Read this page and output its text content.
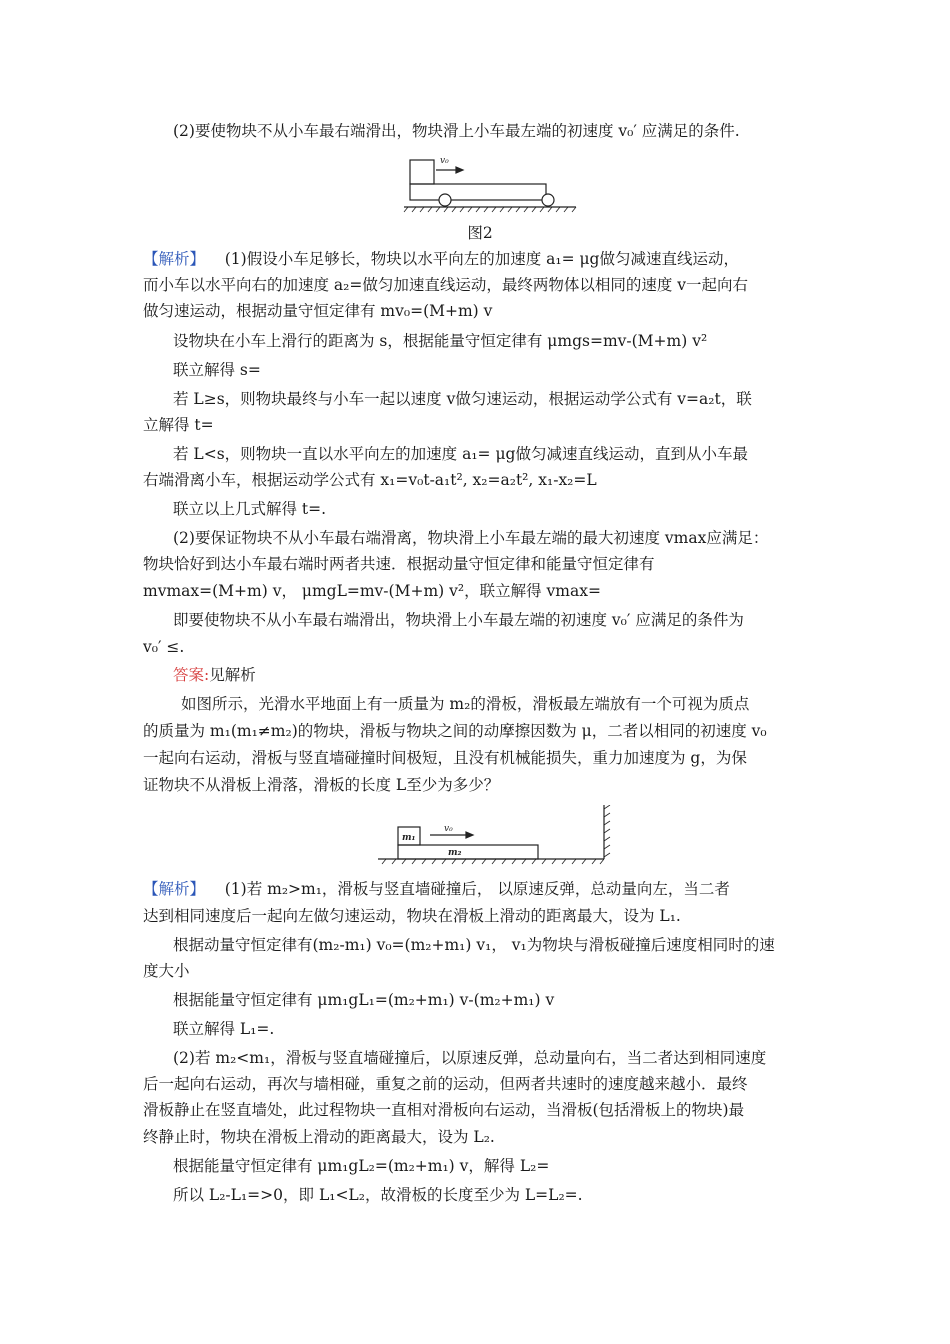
(2)要使物块不从小车最右端滑出，物块滑上小车最左端的初速度 v₀′ 应满足的条件.
v₀
图2
【解析】 (1)假设小车足够长，物块以水平向左的加速度 a₁= μg做匀减速直线运动，
而小车以水平向右的加速度 a₂=做匀加速直线运动，最终两物体以相同的速度 v一起向右
做匀速运动，根据动量守恒定律有 mv₀=(M+m) v
设物块在小车上滑行的距离为 s，根据能量守恒定律有 μmgs=mv-(M+m) v²
联立解得 s=
若 L≥s，则物块最终与小车一起以速度 v做匀速运动，根据运动学公式有 v=a₂t，联
立解得 t=
若 L<s，则物块一直以水平向左的加速度 a₁= μg做匀减速直线运动，直到从小车最
右端滑离小车，根据运动学公式有 x₁=v₀t-a₁t², x₂=a₂t², x₁-x₂=L
联立以上几式解得 t=.
(2)要保证物块不从小车最右端滑离，物块滑上小车最左端的最大初速度 vmax应满足：
物块恰好到达小车最右端时两者共速．根据动量守恒定律和能量守恒定律有
mvmax=(M+m) v， μmgL=mv-(M+m) v²，联立解得 vmax=
即要使物块不从小车最右端滑出，物块滑上小车最左端的初速度 v₀′ 应满足的条件为
v₀′ ≤.
答案:见解析
如图所示，光滑水平地面上有一质量为 m₂的滑板，滑板最左端放有一个可视为质点
的质量为 m₁(m₁≠m₂)的物块，滑板与物块之间的动摩擦因数为 μ，二者以相同的初速度 v₀
一起向右运动，滑板与竖直墙碰撞时间极短，且没有机械能损失，重力加速度为 g，为保
证物块不从滑板上滑落，滑板的长度 L至少为多少？
m₁
m₂
v₀
【解析】 (1)若 m₂>m₁，滑板与竖直墙碰撞后， 以原速反弹，总动量向左，当二者
达到相同速度后一起向左做匀速运动，物块在滑板上滑动的距离最大，设为 L₁.
根据动量守恒定律有(m₂-m₁) v₀=(m₂+m₁) v₁， v₁为物块与滑板碰撞后速度相同时的速
度大小
根据能量守恒定律有 μm₁gL₁=(m₂+m₁) v-(m₂+m₁) v
联立解得 L₁=.
(2)若 m₂<m₁，滑板与竖直墙碰撞后，以原速反弹，总动量向右，当二者达到相同速度
后一起向右运动，再次与墙相碰，重复之前的运动，但两者共速时的速度越来越小．最终
滑板静止在竖直墙处，此过程物块一直相对滑板向右运动，当滑板(包括滑板上的物块)最
终静止时，物块在滑板上滑动的距离最大，设为 L₂.
根据能量守恒定律有 μm₁gL₂=(m₂+m₁) v，解得 L₂=
所以 L₂-L₁=>0，即 L₁<L₂，故滑板的长度至少为 L=L₂=.
